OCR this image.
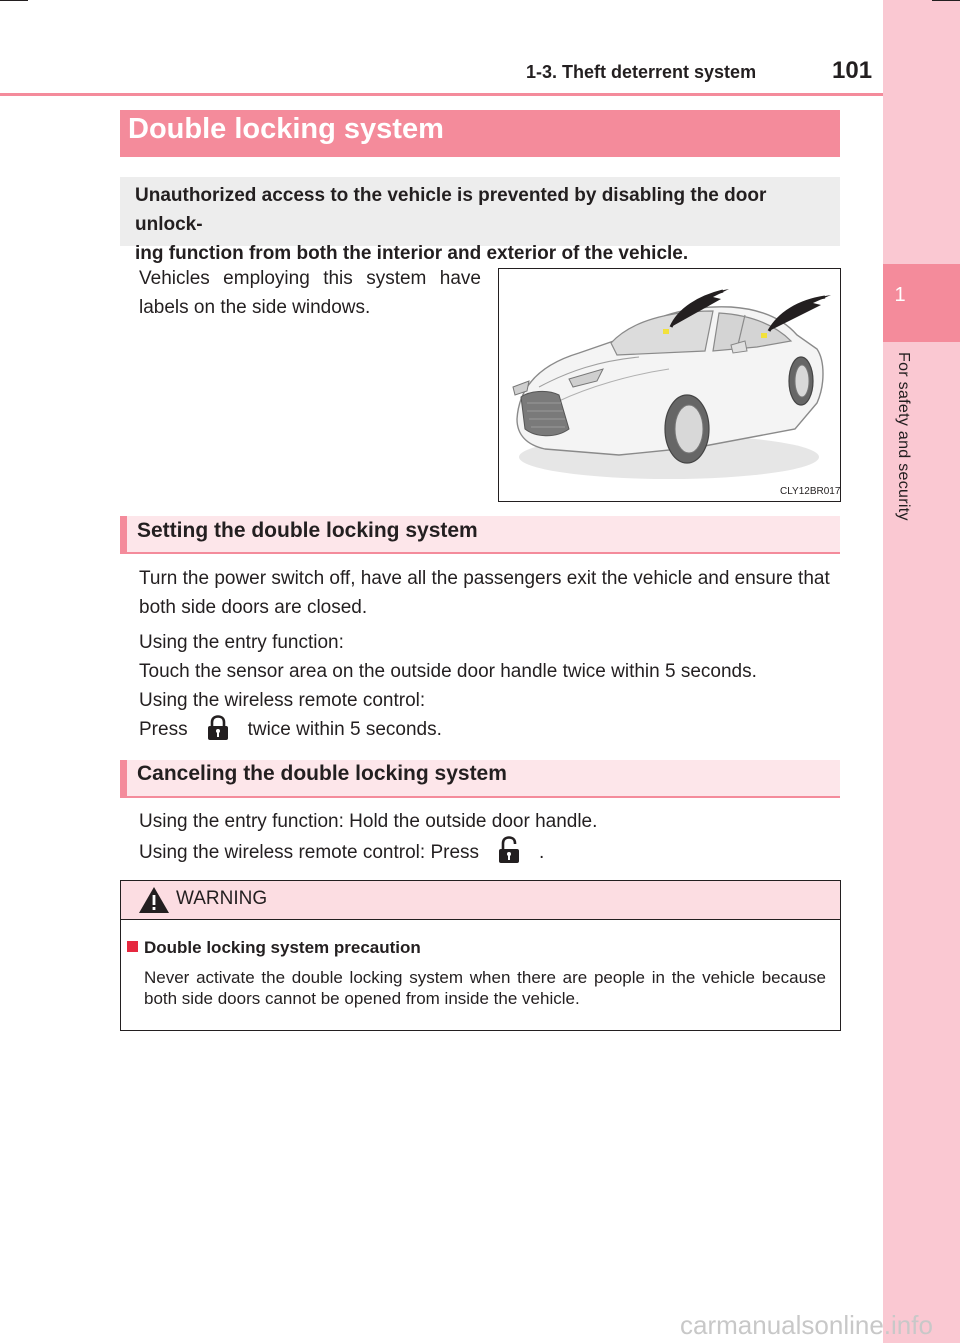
1
For safety and security
1-3. Theft deterrent system	101
Double locking system
Unauthorized access to the vehicle is prevented by disabling the door unlock-
ing function from both the interior and exterior of the vehicle.
Vehicles employing this system have labels on the side windows.
CLY12BR017
Setting the double locking system
Turn the power switch off, have all the passengers exit the vehicle and ensure that both side doors are closed.
Using the entry function:
Touch the sensor area on the outside door handle twice within 5 seconds.
Using the wireless remote control:
Press	twice within 5 seconds.
Canceling the double locking system
Using the entry function: Hold the outside door handle.
Using the wireless remote control: Press	.
WARNING
Double locking system precaution
Never activate the double locking system when there are people in the vehicle because both side doors cannot be opened from inside the vehicle.
carmanualsonline.info
